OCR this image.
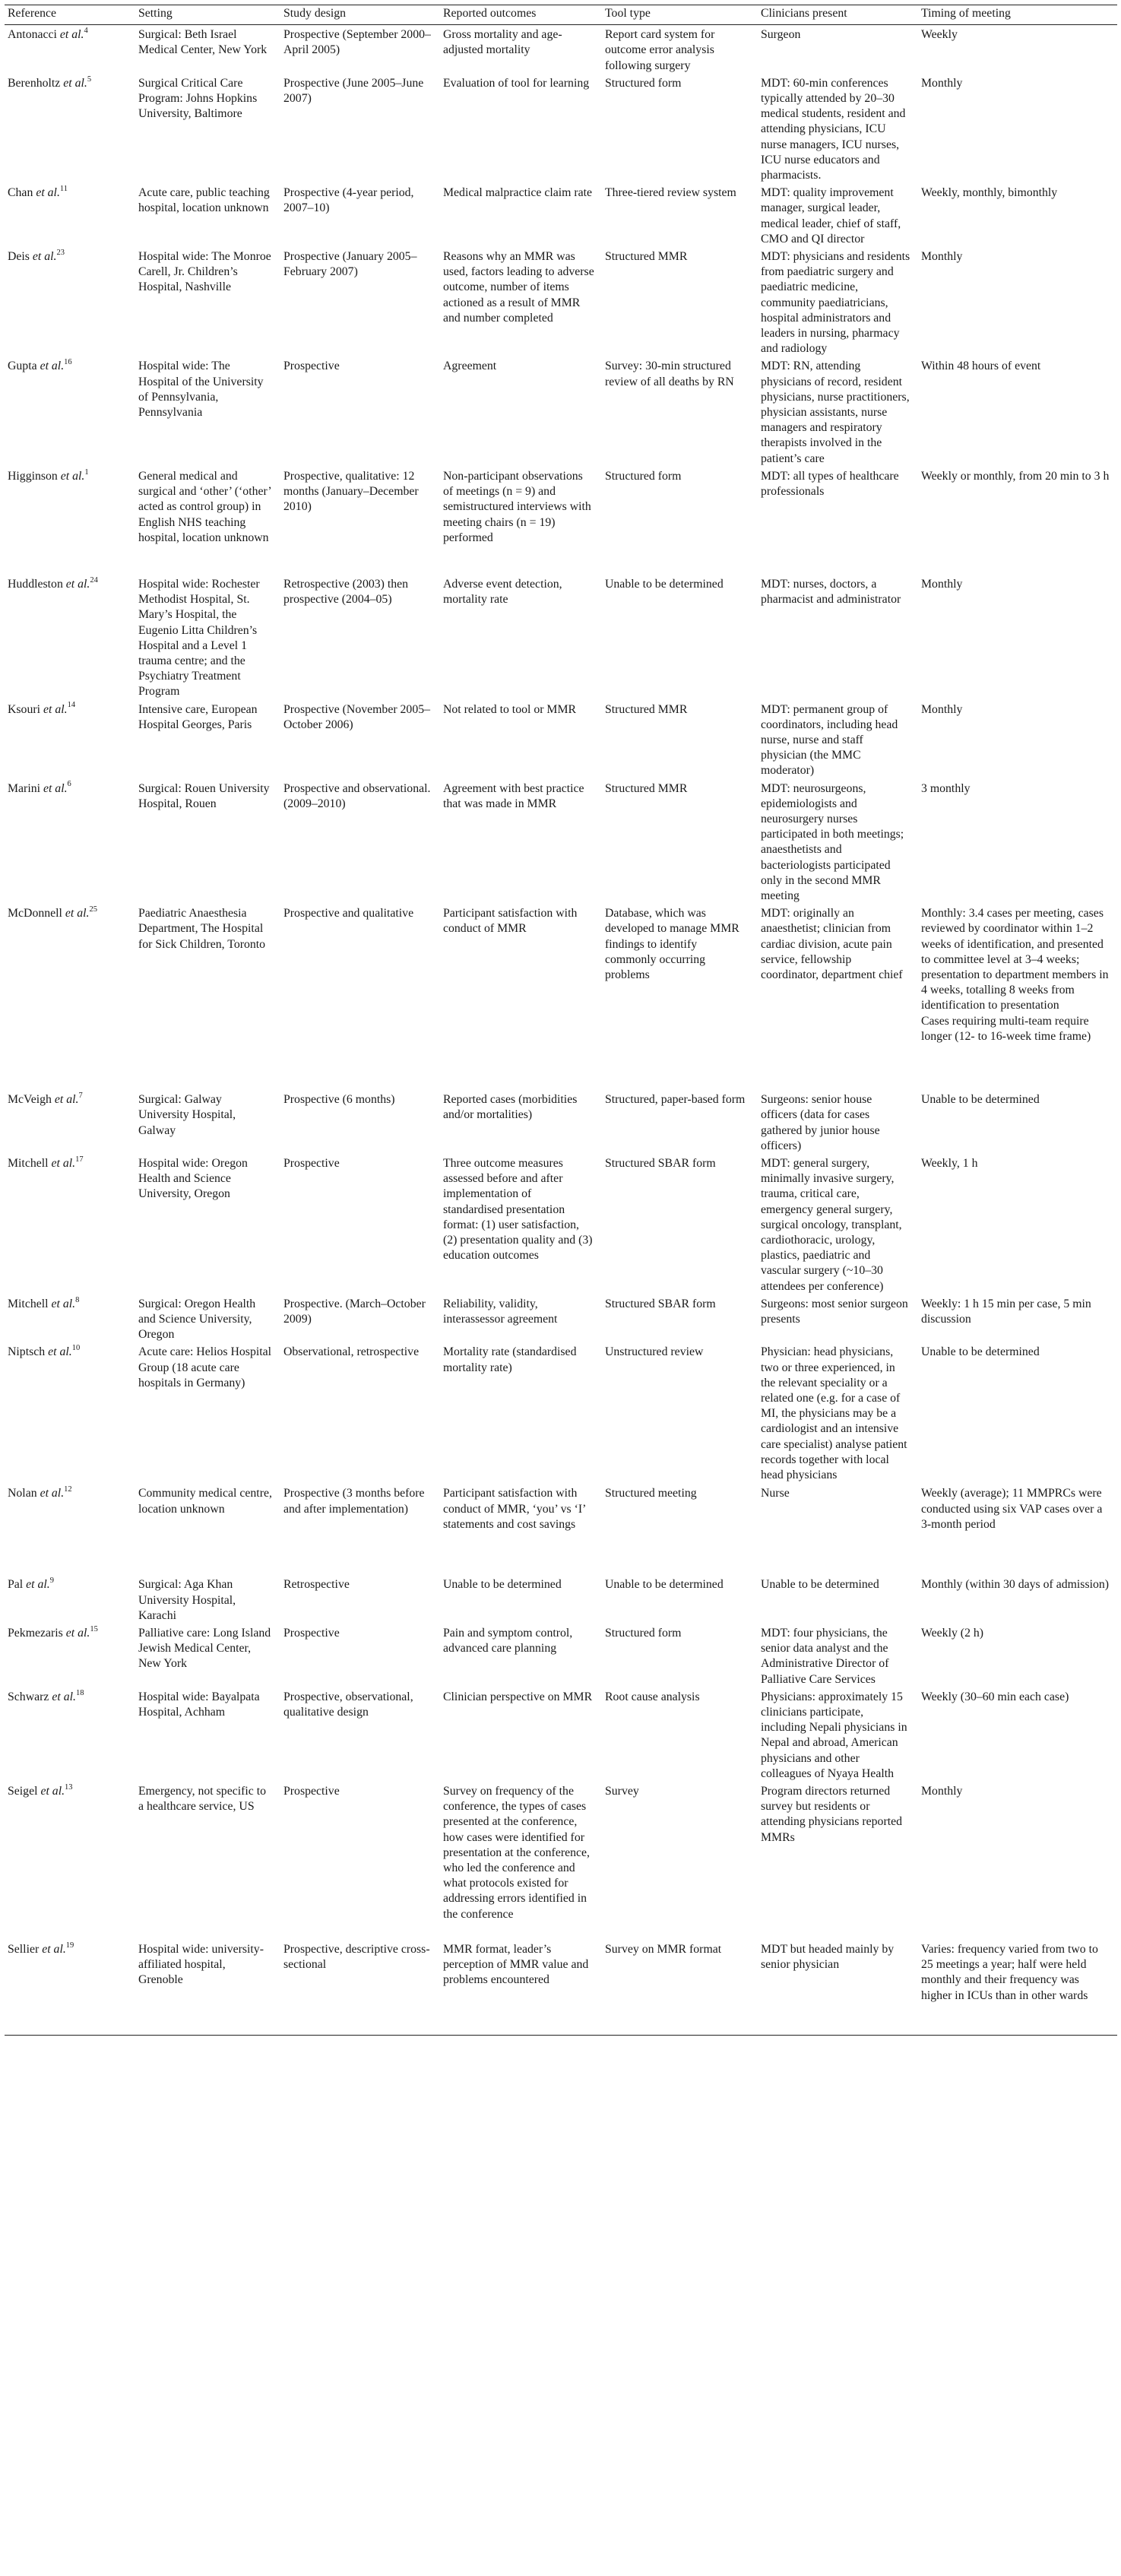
Reference	Setting	Study design	Reported outcomes	Tool type	Clinicians present	Timing of meeting
Antonacci et al.$^4$	Surgical: Beth Israel Medical Center, New York	Prospective (September 2000–April 2005)	Gross mortality and age-adjusted mortality	Report card system for outcome error analysis following surgery	Surgeon	Weekly
Berenholtz et al.$^5$	Surgical Critical Care Program: Johns Hopkins University, Baltimore	Prospective (June 2005–June 2007)	Evaluation of tool for learning	Structured form	MDT: 60-min conferences typically attended by 20–30 medical students, resident and attending physicians, ICU nurse managers, ICU nurses, ICU nurse educators and pharmacists.	Monthly
Chan et al.$^{11}$	Acute care, public teaching hospital, location unknown	Prospective (4-year period, 2007–10)	Medical malpractice claim rate	Three-tiered review system	MDT: quality improvement manager, surgical leader, medical leader, chief of staff, CMO and QI director	Weekly, monthly, bimonthly
Deis et al.$^{23}$	Hospital wide: The Monroe Carell, Jr. Children’s Hospital, Nashville	Prospective (January 2005–February 2007)	Reasons why an MMR was used, factors leading to adverse outcome, number of items actioned as a result of MMR and number completed	Structured MMR	MDT: physicians and residents from paediatric surgery and paediatric medicine, community paediatricians, hospital administrators and leaders in nursing, pharmacy and radiology	Monthly
Gupta et al.$^{16}$	Hospital wide: The Hospital of the University of Pennsylvania, Pennsylvania	Prospective	Agreement	Survey: 30-min structured review of all deaths by RN	MDT: RN, attending physicians of record, resident physicians, nurse practitioners, physician assistants, nurse managers and respiratory therapists involved in the patient’s care	Within 48 hours of event
Higginson et al.$^1$	General medical and surgical and ‘other’ (‘other’ acted as control group) in English NHS teaching hospital, location unknown	Prospective, qualitative: 12 months (January–December 2010)	Non-participant observations of meetings (n = 9) and semistructured interviews with meeting chairs (n = 19) performed	Structured form	MDT: all types of healthcare professionals	Weekly or monthly, from 20 min to 3 h
Huddleston et al.$^{24}$	Hospital wide: Rochester Methodist Hospital, St. Mary’s Hospital, the Eugenio Litta Children’s Hospital and a Level 1 trauma centre; and the Psychiatry Treatment Program	Retrospective (2003) then prospective (2004–05)	Adverse event detection, mortality rate	Unable to be determined	MDT: nurses, doctors, a pharmacist and administrator	Monthly
Ksouri et al.$^{14}$	Intensive care, European Hospital Georges, Paris	Prospective (November 2005–October 2006)	Not related to tool or MMR	Structured MMR	MDT: permanent group of coordinators, including head nurse, nurse and staff physician (the MMC moderator)	Monthly
Marini et al.$^6$	Surgical: Rouen University Hospital, Rouen	Prospective and observational. (2009–2010)	Agreement with best practice that was made in MMR	Structured MMR	MDT: neurosurgeons, epidemiologists and neurosurgery nurses participated in both meetings; anaesthetists and bacteriologists participated only in the second MMR meeting	3 monthly
McDonnell et al.$^{25}$	Paediatric Anaesthesia Department, The Hospital for Sick Children, Toronto	Prospective and qualitative	Participant satisfaction with conduct of MMR	Database, which was developed to manage MMR findings to identify commonly occurring problems	MDT: originally an anaesthetist; clinician from cardiac division, acute pain service, fellowship coordinator, department chief	Monthly: 3.4 cases per meeting, cases reviewed by coordinator within 1–2 weeks of identification, and presented to committee level at 3–4 weeks; presentation to department members in 4 weeks, totalling 8 weeks from identification to presentation
Cases requiring multi-team require longer (12- to 16-week time frame)
McVeigh et al.$^7$	Surgical: Galway University Hospital, Galway	Prospective (6 months)	Reported cases (morbidities and/or mortalities)	Structured, paper-based form	Surgeons: senior house officers (data for cases gathered by junior house officers)	Unable to be determined
Mitchell et al.$^{17}$	Hospital wide: Oregon Health and Science University, Oregon	Prospective	Three outcome measures assessed before and after implementation of standardised presentation format: (1) user satisfaction, (2) presentation quality and (3) education outcomes	Structured SBAR form	MDT: general surgery, minimally invasive surgery, trauma, critical care, emergency general surgery, surgical oncology, transplant, cardiothoracic, urology, plastics, paediatric and vascular surgery (~10–30 attendees per conference)	Weekly, 1 h
Mitchell et al.$^8$	Surgical: Oregon Health and Science University, Oregon	Prospective. (March–October 2009)	Reliability, validity, interassessor agreement	Structured SBAR form	Surgeons: most senior surgeon presents	Weekly: 1 h 15 min per case, 5 min discussion
Niptsch et al.$^{10}$	Acute care: Helios Hospital Group (18 acute care hospitals in Germany)	Observational, retrospective	Mortality rate (standardised mortality rate)	Unstructured review	Physician: head physicians, two or three experienced, in the relevant speciality or a related one (e.g. for a case of MI, the physicians may be a cardiologist and an intensive care specialist) analyse patient records together with local head physicians	Unable to be determined
Nolan et al.$^{12}$	Community medical centre, location unknown	Prospective (3 months before and after implementation)	Participant satisfaction with conduct of MMR, ‘you’ vs ‘I’ statements and cost savings	Structured meeting	Nurse	Weekly (average); 11 MMPRCs were conducted using six VAP cases over a 3-month period
Pal et al.$^9$	Surgical: Aga Khan University Hospital, Karachi	Retrospective	Unable to be determined	Unable to be determined	Unable to be determined	Monthly (within 30 days of admission)
Pekmezaris et al.$^{15}$	Palliative care: Long Island Jewish Medical Center, New York	Prospective	Pain and symptom control, advanced care planning	Structured form	MDT: four physicians, the senior data analyst and the Administrative Director of Palliative Care Services	Weekly (2 h)
Schwarz et al.$^{18}$	Hospital wide: Bayalpata Hospital, Achham	Prospective, observational, qualitative design	Clinician perspective on MMR	Root cause analysis	Physicians: approximately 15 clinicians participate, including Nepali physicians in Nepal and abroad, American physicians and other colleagues of Nyaya Health	Weekly (30–60 min each case)
Seigel et al.$^{13}$	Emergency, not specific to a healthcare service, US	Prospective	Survey on frequency of the conference, the types of cases presented at the conference, how cases were identified for presentation at the conference, who led the conference and what protocols existed for addressing errors identified in the conference	Survey	Program directors returned survey but residents or attending physicians reported MMRs	Monthly
Sellier et al.$^{19}$	Hospital wide: university-affiliated hospital, Grenoble	Prospective, descriptive cross-sectional	MMR format, leader’s perception of MMR value and problems encountered	Survey on MMR format	MDT but headed mainly by senior physician	Varies: frequency varied from two to 25 meetings a year; half were held monthly and their frequency was higher in ICUs than in other wards
